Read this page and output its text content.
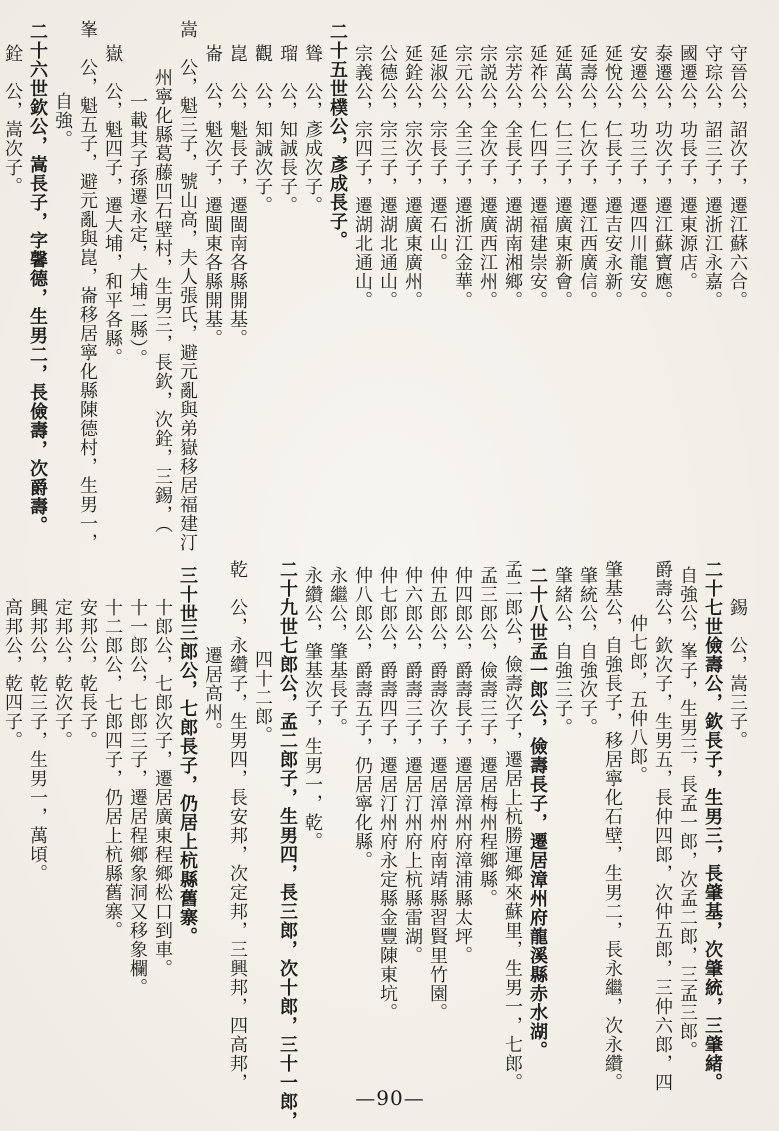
守晉公，詔次子，遷江蘇六合。
守琮公，詔三子，遷浙江永嘉。
國遷公，功長子，遷東源店。
泰遷公，功次子，遷江蘇寶應。
安遷公，功三子，遷四川龍安。
延悅公，仁長子，遷吉安永新。
延壽公，仁次子，遷江西廣信。
延萬公，仁三子，遷廣東新會。
延祚公，仁四子，遷福建崇安。
宗芳公，全長子，遷湖南湘鄉。
宗説公，全次子，遷廣西江州。
宗元公，全三子，遷浙江金華。
延淑公，宗長子，遷石山。
延銓公，宗次子，遷廣東廣州。
公德公，宗三子，遷湖北通山。
宗義公，宗四子，遷湖北通山。
二十五世樸公，彥成長子。
聳　公，彥成次子。
瑠　公，知誠長子。
觀　公，知誠次子。
崑　公，魁長子，遷閩南各縣開基。
崙　公，魁次子，遷閩東各縣開基。
嵩　公，魁三子，號山高，夫人張氏，避元亂與弟嶽移居福建汀
州寧化縣葛藤凹石壁村，生男三，長欽，次銓，三錫，（
一載其子孫遷永定，大埔二縣）。
嶽　公，魁四子，遷大埔，和平各縣。
峯　公，魁五子，避元亂與崑，崙移居寧化縣陳德村，生男一，
自強。
二十六世欽公，嵩長子，字馨德，生男二，長儉壽，次爵壽。
錫　公，嵩三子。
二十七世儉壽公，欽長子，生男三，長肇基，次肇統，三肇緒。
自強公，峯子，生男三，長孟一郎，次孟二郎，三孟三郎。
爵壽公，欽次子，生男五，長仲四郎，次仲五郎，三仲六郎，四
仲七郎，五仲八郎。
肇基公，自強長子，移居寧化石壁，生男二，長永繼，次永纘。
肇統公，自強次子。
肇緒公，自強三子。
二十八世孟一郎公，儉壽長子，遷居漳州府龍溪縣赤水湖。
孟二郎公，儉壽次子，遷居上杭勝運鄉來蘇里，生男一，七郎。
孟三郎公，儉壽三子，遷居梅州程鄉縣。
仲四郎公，爵壽長子，遷居漳州府漳浦縣太坪。
仲五郎公，爵壽次子，遷居漳州府南靖縣習賢里竹園。
仲六郎公，爵壽三子，遷居汀州府上杭縣雷湖。
仲七郎公，爵壽四子，遷居汀州府永定縣金豐陳東坑。
仲八郎公，爵壽五子，仍居寧化縣。
永繼公，肇基長子。
永纘公，肇基次子，生男一，乾。
二十九世七郎公，孟二郎子，生男四，長三郎，次十郎，三十一郎，
四十二郎。
乾　公，永纘子，生男四，長安邦，次定邦，三興邦，四高邦，
遷居高州。
三十世三郎公，七郎長子，仍居上杭縣舊寨。
十郎公，七郎次子，遷居廣東程鄉松口到車。
十一郎公，七郎三子，遷居程鄉象洞又移象欄。
十二郎公，七郎四子，仍居上杭縣舊寨。
安邦公，乾長子。
定邦公，乾次子。
興邦公，乾三子，生男一，萬頃。
—90—
銓　公，嵩次子。
高邦公，乾四子。
